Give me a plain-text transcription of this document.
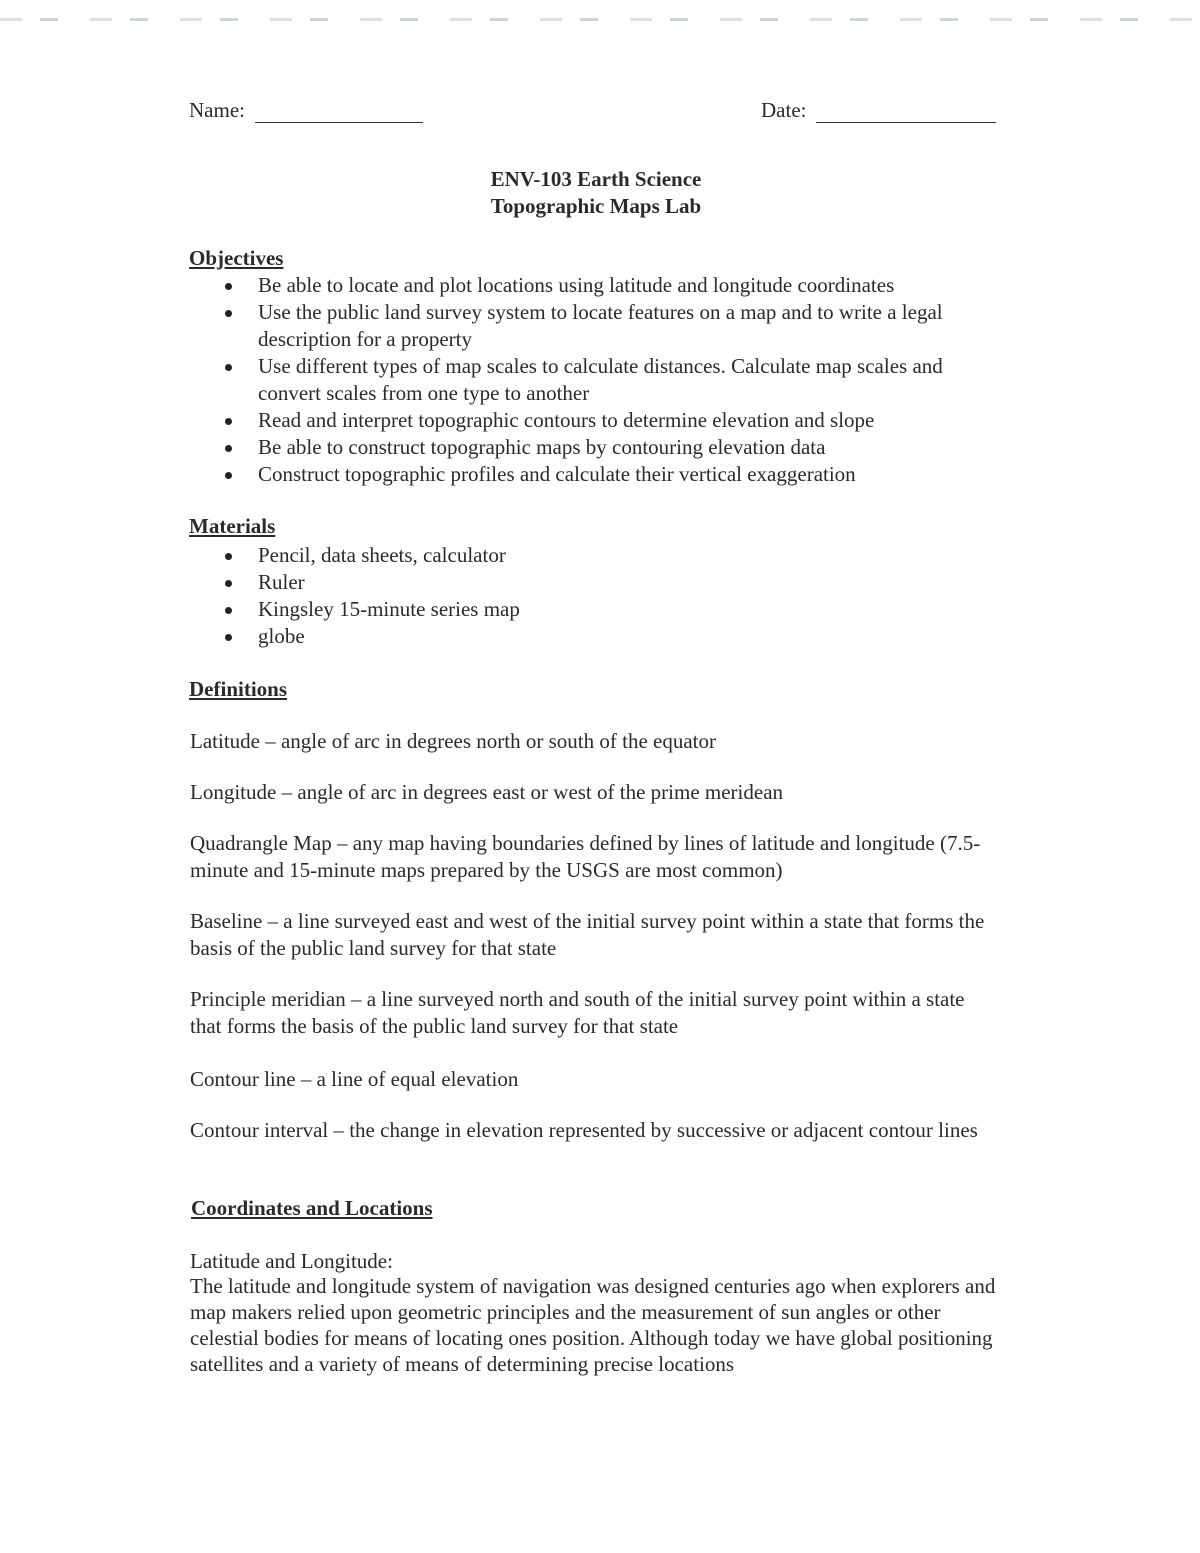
Name:	Date:
ENV-103 Earth Science
Topographic Maps Lab
Objectives
Be able to locate and plot locations using latitude and longitude coordinates
Use the public land survey system to locate features on a map and to write a legal description for a property
Use different types of map scales to calculate distances. Calculate map scales and convert scales from one type to another
Read and interpret topographic contours to determine elevation and slope
Be able to construct topographic maps by contouring elevation data
Construct topographic profiles and calculate their vertical exaggeration
Materials
Pencil, data sheets, calculator
Ruler
Kingsley 15-minute series map
globe
Definitions

Latitude – angle of arc in degrees north or south of the equator

Longitude – angle of arc in degrees east or west of the prime meridean

Quadrangle Map – any map having boundaries defined by lines of latitude and longitude (7.5-minute and 15-minute maps prepared by the USGS are most common)

Baseline – a line surveyed east and west of the initial survey point within a state that forms the basis of the public land survey for that state

Principle meridian – a line surveyed north and south of the initial survey point within a state that forms the basis of the public land survey for that state

Contour line – a line of equal elevation

Contour interval – the change in elevation represented by successive or adjacent contour lines

Coordinates and Locations

Latitude and Longitude:

The latitude and longitude system of navigation was designed centuries ago when explorers and map makers relied upon geometric principles and the measurement of sun angles or other celestial bodies for means of locating ones position. Although today we have global positioning satellites and a variety of means of determining precise locations
